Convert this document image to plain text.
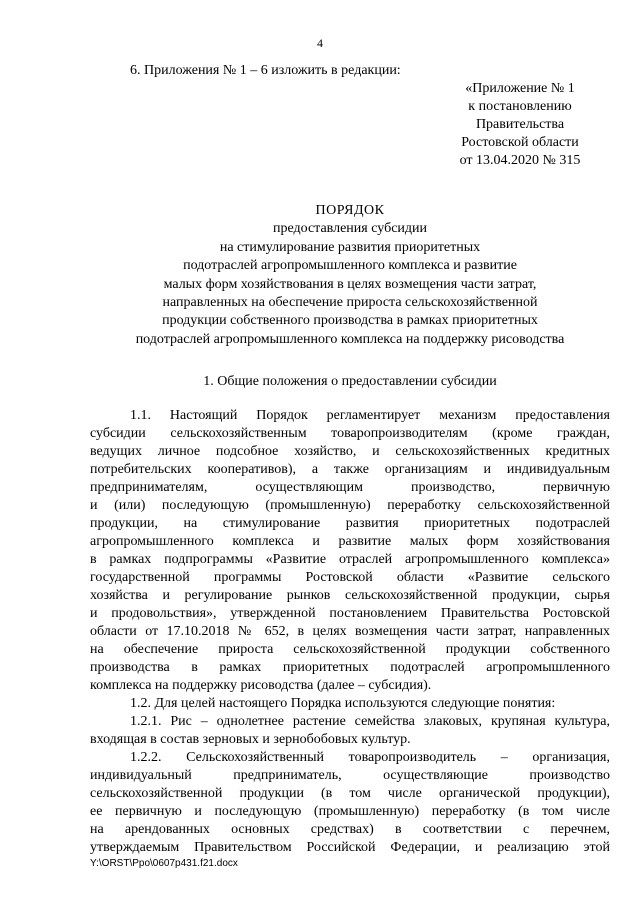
4
6. Приложения № 1 – 6 изложить в редакции:
«Приложение № 1
к постановлению
Правительства
Ростовской области
от 13.04.2020 № 315
ПОРЯДОК
предоставления субсидии
на стимулирование развития приоритетных
подотраслей агропромышленного комплекса и развитие
малых форм хозяйствования в целях возмещения части затрат,
направленных на обеспечение прироста сельскохозяйственной
продукции собственного производства в рамках приоритетных
подотраслей агропромышленного комплекса на поддержку рисоводства
1. Общие положения о предоставлении субсидии
1.1. Настоящий Порядок регламентирует механизм предоставления
субсидии сельскохозяйственным товаропроизводителям (кроме граждан,
ведущих личное подсобное хозяйство, и сельскохозяйственных кредитных
потребительских кооперативов), а также организациям и индивидуальным
предпринимателям, осуществляющим производство, первичную
и (или) последующую (промышленную) переработку сельскохозяйственной
продукции, на стимулирование развития приоритетных подотраслей
агропромышленного комплекса и развитие малых форм хозяйствования
в рамках подпрограммы «Развитие отраслей агропромышленного комплекса»
государственной программы Ростовской области «Развитие сельского
хозяйства и регулирование рынков сельскохозяйственной продукции, сырья
и продовольствия», утвержденной постановлением Правительства Ростовской
области от 17.10.2018 № 652, в целях возмещения части затрат, направленных
на обеспечение прироста сельскохозяйственной продукции собственного
производства в рамках приоритетных подотраслей агропромышленного
комплекса на поддержку рисоводства (далее – субсидия).
1.2. Для целей настоящего Порядка используются следующие понятия:
1.2.1. Рис – однолетнее растение семейства злаковых, крупяная культура,
входящая в состав зерновых и зернобобовых культур.
1.2.2. Сельскохозяйственный товаропроизводитель – организация,
индивидуальный предприниматель, осуществляющие производство
сельскохозяйственной продукции (в том числе органической продукции),
ее первичную и последующую (промышленную) переработку (в том числе
на арендованных основных средствах) в соответствии с перечнем,
утверждаемым Правительством Российской Федерации, и реализацию этой
Y:\ORST\Ppo\0607p431.f21.docx
